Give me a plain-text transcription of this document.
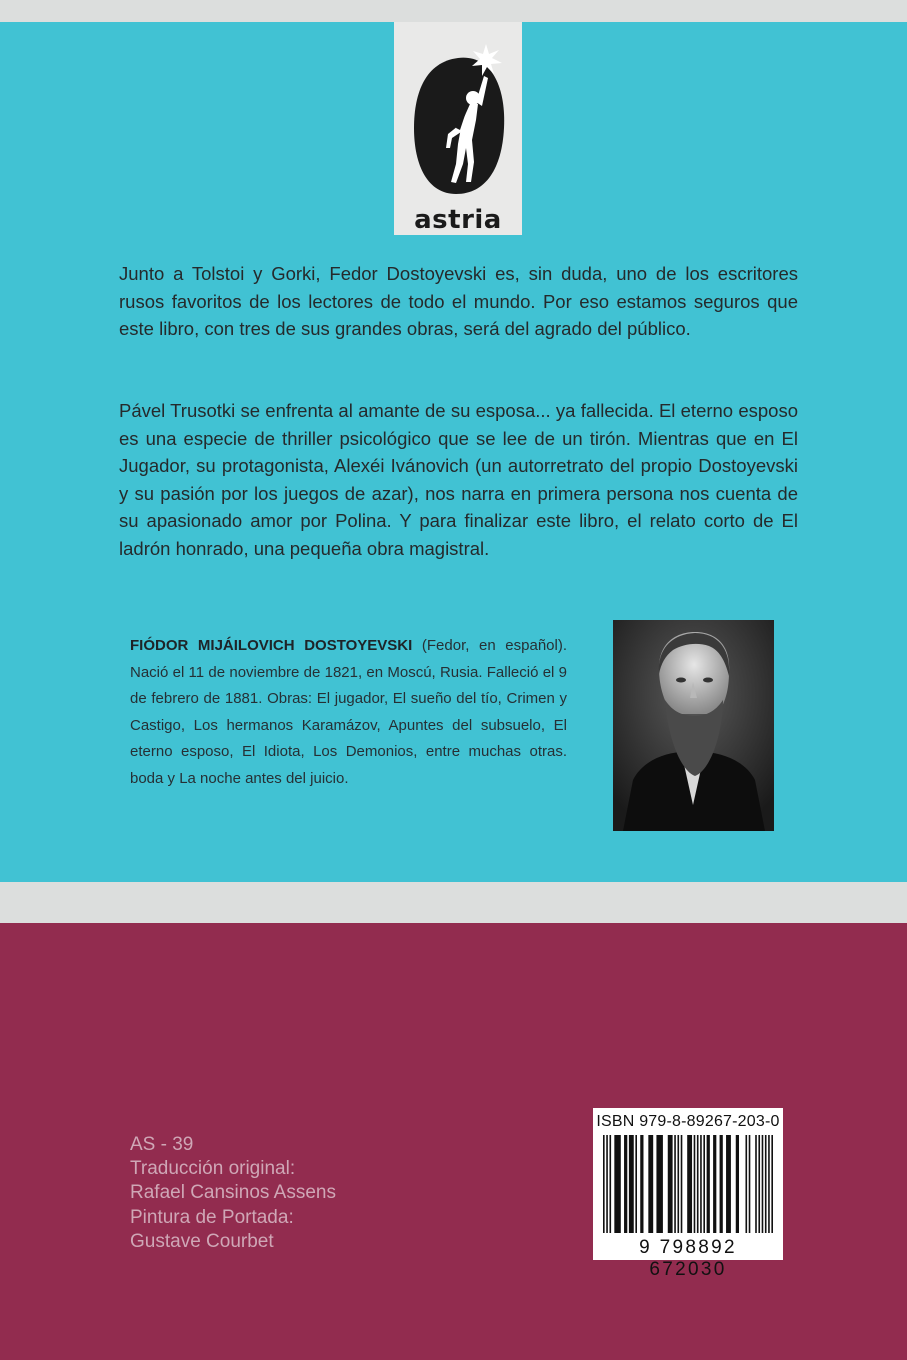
astria

Junto a Tolstoi y Gorki, Fedor Dostoyevski es, sin duda, uno de los escritores rusos favoritos de los lectores de todo el mundo. Por eso estamos seguros que este libro, con tres de sus grandes obras, será del agrado del público.

Pável Trusotki se enfrenta al amante de su esposa... ya fallecida. El eterno esposo es una especie de thriller psicológico que se lee de un tirón. Mientras que en El Jugador, su protagonista, Alexéi Ivánovich (un autorretrato del propio Dostoyevski y su pasión por los juegos de azar), nos narra en primera persona nos cuenta de su apasionado amor por Polina. Y para finalizar este libro, el relato corto de El ladrón honrado, una pequeña obra magistral.

FIÓDOR MIJÁILOVICH DOSTOYEVSKI (Fedor, en español). Nació el 11 de noviembre de 1821, en Moscú, Rusia. Falleció el 9 de febrero de 1881. Obras: El jugador, El sueño del tío, Crimen y Castigo, Los hermanos Karamázov, Apuntes del subsuelo, El eterno esposo, El Idiota, Los Demonios, entre muchas otras. boda y La noche antes del juicio.

AS - 39
Traducción original:
Rafael Cansinos Assens
Pintura de Portada:
Gustave Courbet
ISBN 979-8-89267-203-0
9 798892 672030
